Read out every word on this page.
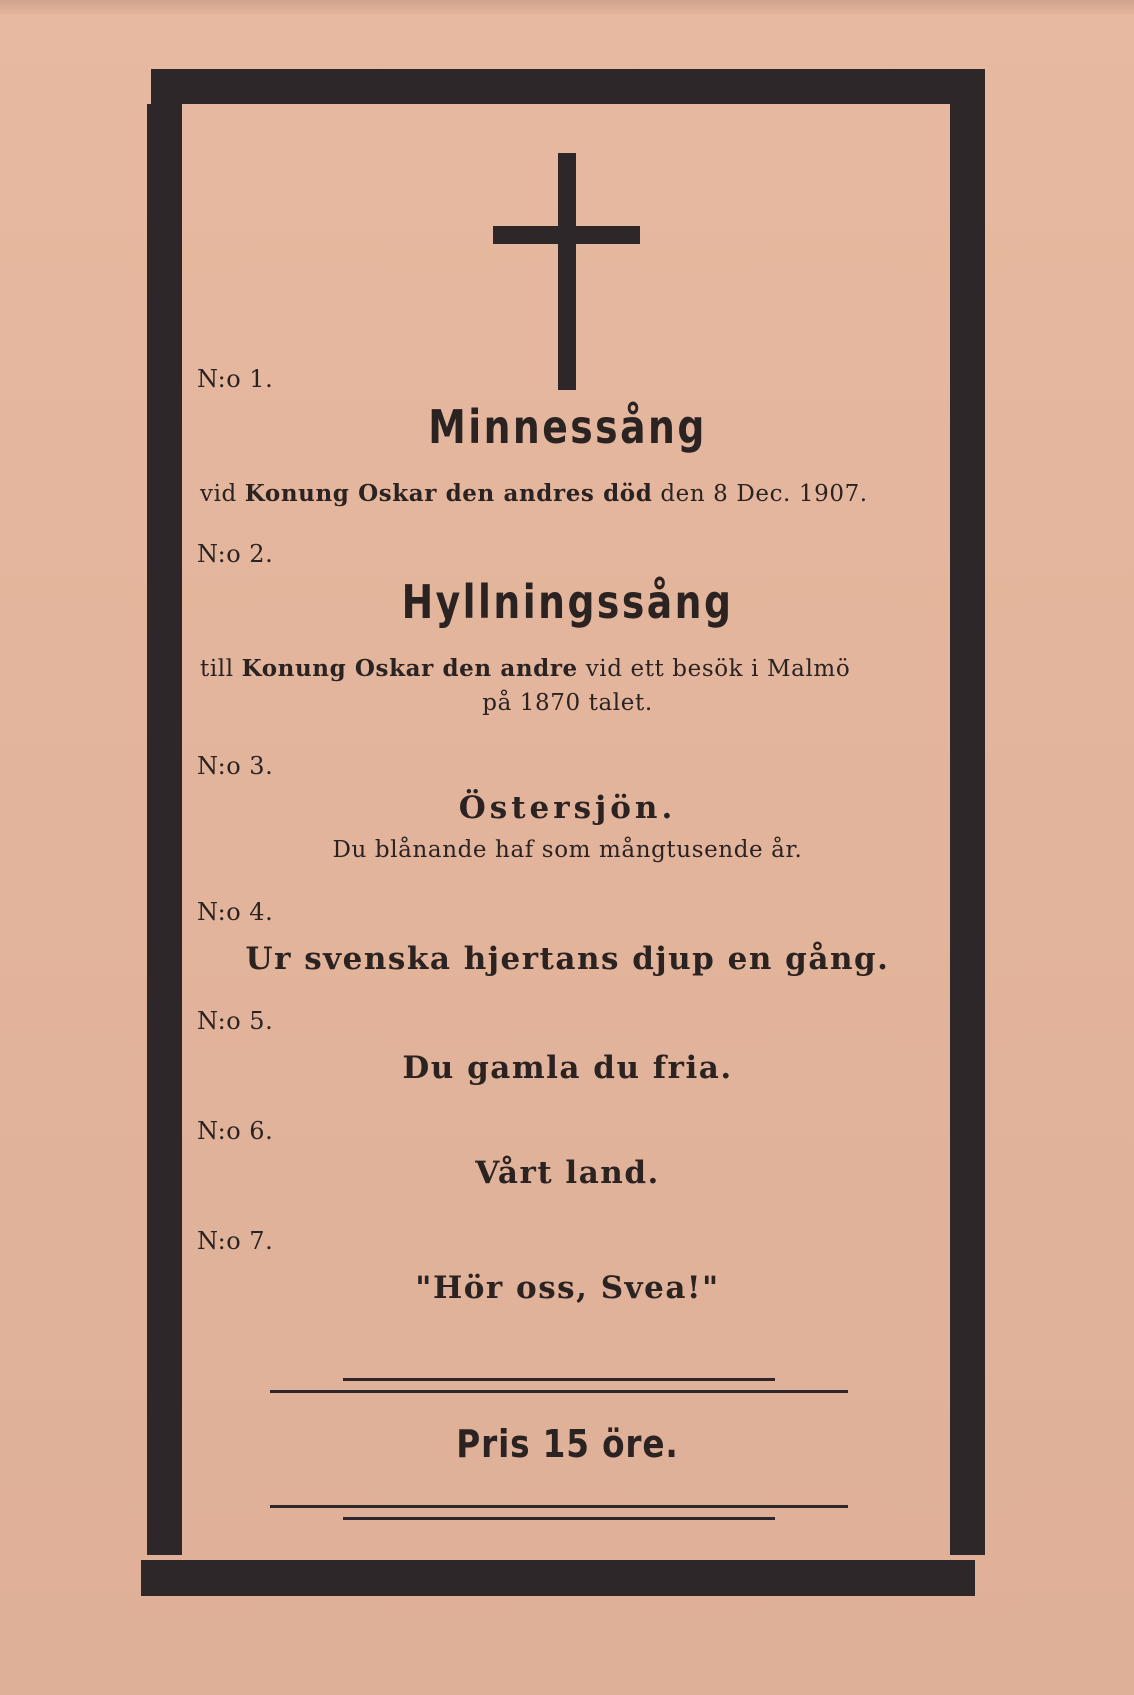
N:o 1.
Minnessång
vid Konung Oskar den andres död den 8 Dec. 1907.
N:o 2.
Hyllningssång
till Konung Oskar den andre vid ett besök i Malmö
på 1870 talet.
N:o 3.
Östersjön.
Du blånande haf som mångtusende år.
N:o 4.
Ur svenska hjertans djup en gång.
N:o 5.
Du gamla du fria.
N:o 6.
Vårt land.
N:o 7.
"Hör oss, Svea!"
Pris 15 öre.
